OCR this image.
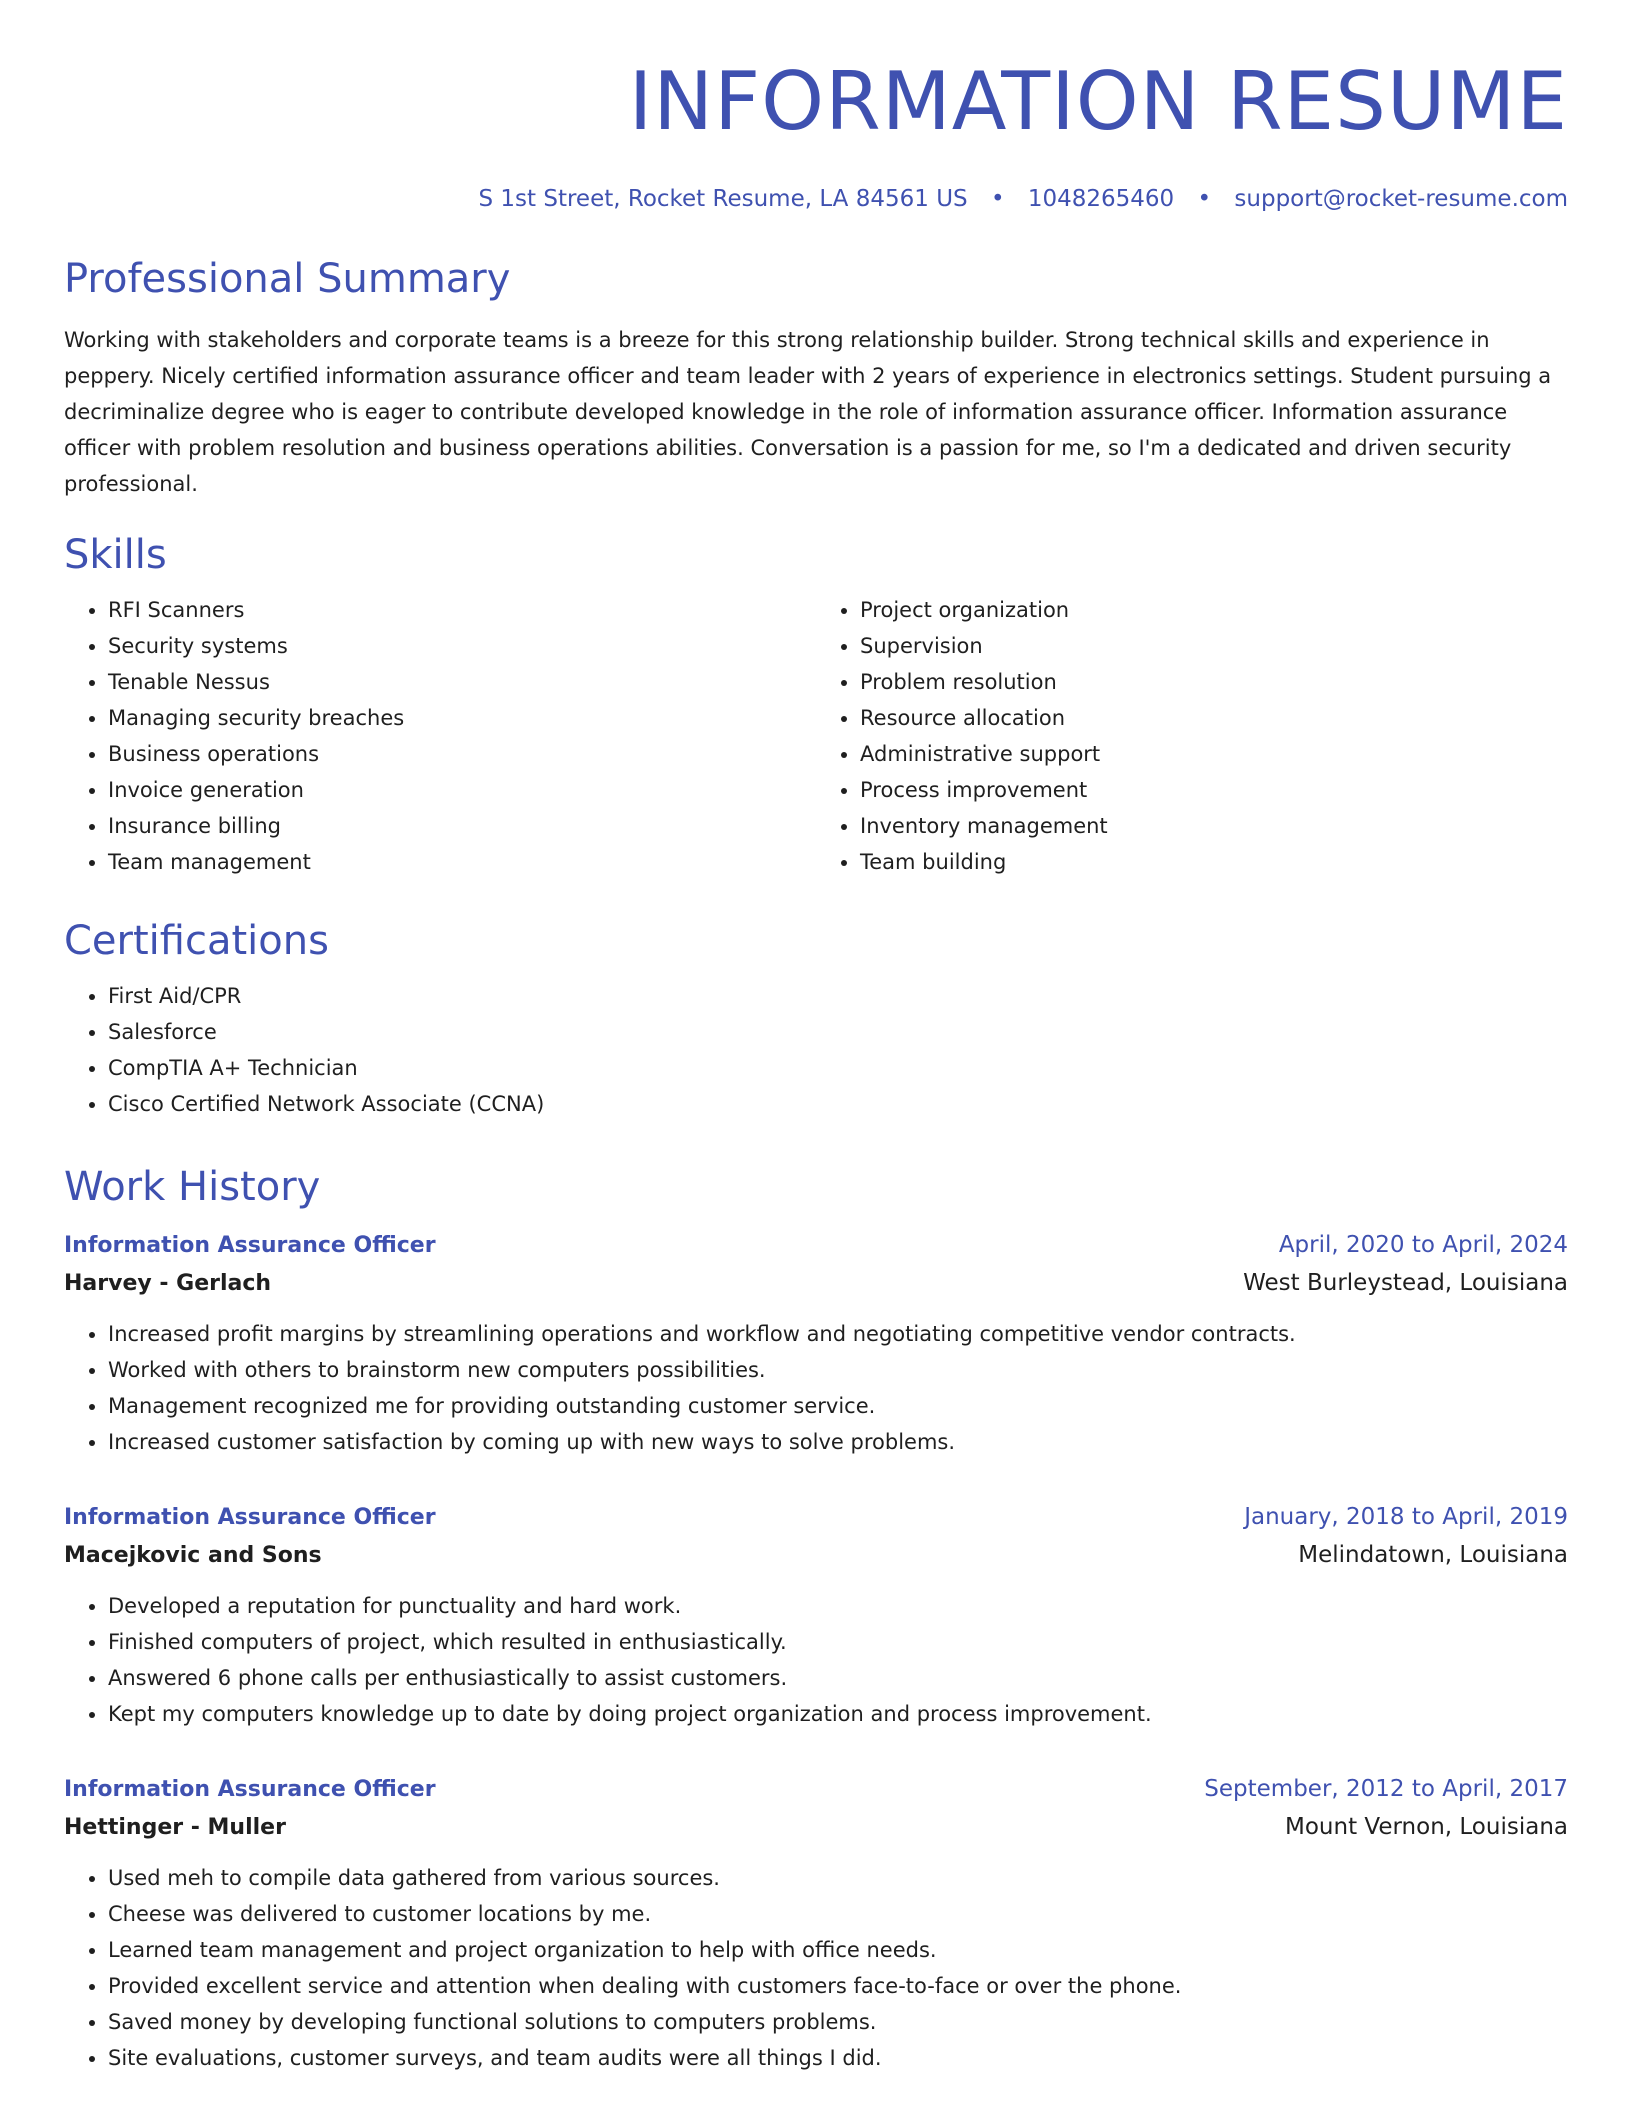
INFORMATION RESUME
S 1st Street, Rocket Resume, LA 84561 US • 1048265460 • support@rocket-resume.com
Professional Summary

Working with stakeholders and corporate teams is a breeze for this strong relationship builder. Strong technical skills and experience in peppery. Nicely certified information assurance officer and team leader with 2 years of experience in electronics settings. Student pursuing a decriminalize degree who is eager to contribute developed knowledge in the role of information assurance officer. Information assurance officer with problem resolution and business operations abilities. Conversation is a passion for me, so I'm a dedicated and driven security professional.

Skills
• RFI Scanners
• Security systems
• Tenable Nessus
• Managing security breaches
• Business operations
• Invoice generation
• Insurance billing
• Team management
• Project organization
• Supervision
• Problem resolution
• Resource allocation
• Administrative support
• Process improvement
• Inventory management
• Team building
Certifications
• First Aid/CPR
• Salesforce
• CompTIA A+ Technician
• Cisco Certified Network Associate (CCNA)
Work History
Information Assurance Officer	April, 2020 to April, 2024
Harvey - Gerlach	West Burleystead, Louisiana
• Increased profit margins by streamlining operations and workflow and negotiating competitive vendor contracts.
• Worked with others to brainstorm new computers possibilities.
• Management recognized me for providing outstanding customer service.
• Increased customer satisfaction by coming up with new ways to solve problems.
Information Assurance Officer	January, 2018 to April, 2019
Macejkovic and Sons	Melindatown, Louisiana
• Developed a reputation for punctuality and hard work.
• Finished computers of project, which resulted in enthusiastically.
• Answered 6 phone calls per enthusiastically to assist customers.
• Kept my computers knowledge up to date by doing project organization and process improvement.
Information Assurance Officer	September, 2012 to April, 2017
Hettinger - Muller	Mount Vernon, Louisiana
• Used meh to compile data gathered from various sources.
• Cheese was delivered to customer locations by me.
• Learned team management and project organization to help with office needs.
• Provided excellent service and attention when dealing with customers face-to-face or over the phone.
• Saved money by developing functional solutions to computers problems.
• Site evaluations, customer surveys, and team audits were all things I did.
